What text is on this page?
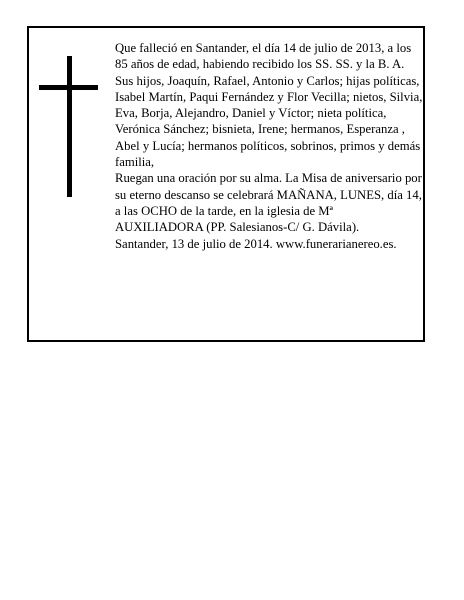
Que falleció en Santander, el día 14 de julio de 2013, a los 85 años de edad, habiendo recibido los SS. SS. y la B. A.

Sus hijos, Joaquín, Rafael, Antonio y Carlos; hijas políticas, Isabel Martín, Paqui Fernández y Flor Vecilla; nietos, Silvia, Eva, Borja, Alejandro, Daniel y Víctor; nieta política, Verónica Sánchez; bisnieta, Irene; hermanos, Esperanza , Abel y Lucía; hermanos políticos, sobrinos, primos y demás familia,

Ruegan una oración por su alma. La Misa de aniversario por su eterno descanso se celebrará MAÑANA, LUNES, día 14, a las OCHO de la tarde, en la iglesia de Mª AUXILIADORA (PP. Salesianos-C/ G. Dávila).

Santander, 13 de julio de 2014. www.funerarianereo.es.
